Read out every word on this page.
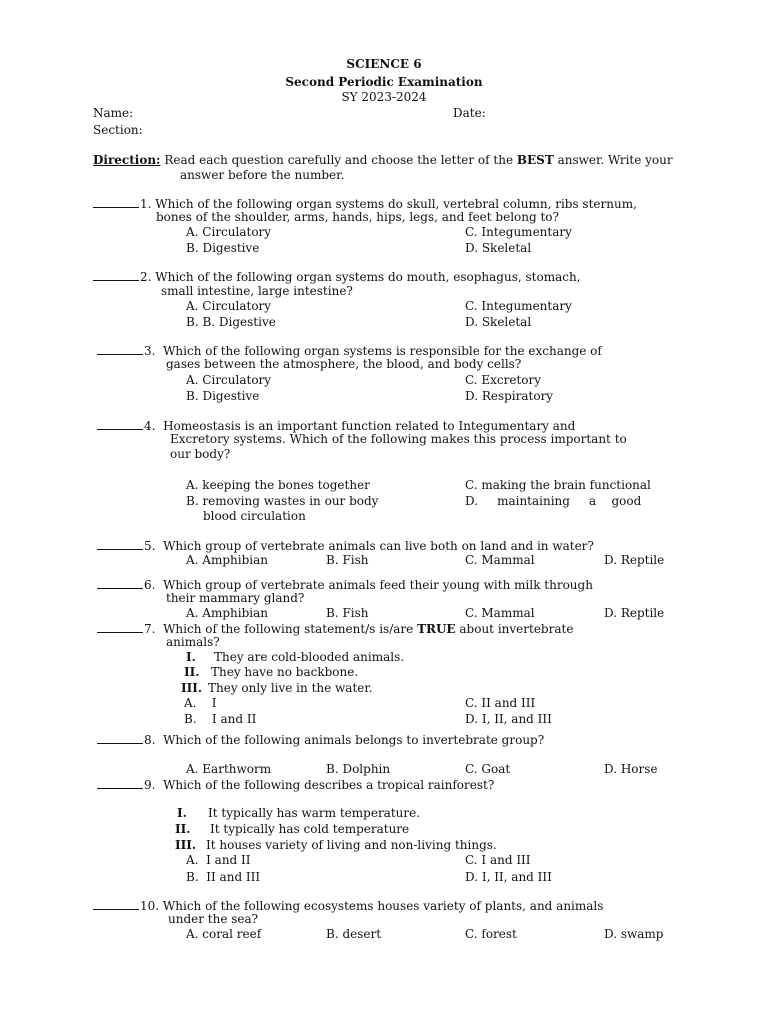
SCIENCE 6
Second Periodic Examination
SY 2023-2024
Name:	Date:
Section:
Direction: Read each question carefully and choose the letter of the BEST answer. Write your
answer before the number.
1. Which of the following organ systems do skull, vertebral column, ribs sternum,
bones of the shoulder, arms, hands, hips, legs, and feet belong to?
A. Circulatory
B. Digestive
C. Integumentary
D. Skeletal
2. Which of the following organ systems do mouth, esophagus, stomach,
small intestine, large intestine?
A. Circulatory
B. B. Digestive
C. Integumentary
D. Skeletal
3. Which of the following organ systems is responsible for the exchange of
gases between the atmosphere, the blood, and body cells?
A. Circulatory
B. Digestive
C. Excretory
D. Respiratory
4. Homeostasis is an important function related to Integumentary and
Excretory systems. Which of the following makes this process important to
our body?
A. keeping the bones together
B. removing wastes in our body
C. making the brain functional
D.     maintaining     a    good
blood circulation
5. Which group of vertebrate animals can live both on land and in water?
A. Amphibian	B. Fish	C. Mammal	D. Reptile
6. Which group of vertebrate animals feed their young with milk through
their mammary gland?
A. Amphibian	B. Fish	C. Mammal	D. Reptile
7. Which of the following statement/s is/are TRUE about invertebrate
animals?
I. They are cold-blooded animals.
II. They have no backbone.
III. They only live in the water.
A.    I
B.    I and II
C. II and III
D. I, II, and III
8. Which of the following animals belongs to invertebrate group?
A. Earthworm	B. Dolphin	C. Goat	D. Horse
9. Which of the following describes a tropical rainforest?
I. It typically has warm temperature.
II. It typically has cold temperature
III. It houses variety of living and non-living things.
A.  I and II
B.  II and III
C. I and III
D. I, II, and III
10. Which of the following ecosystems houses variety of plants, and animals
under the sea?
A. coral reef	B. desert	C. forest	D. swamp
